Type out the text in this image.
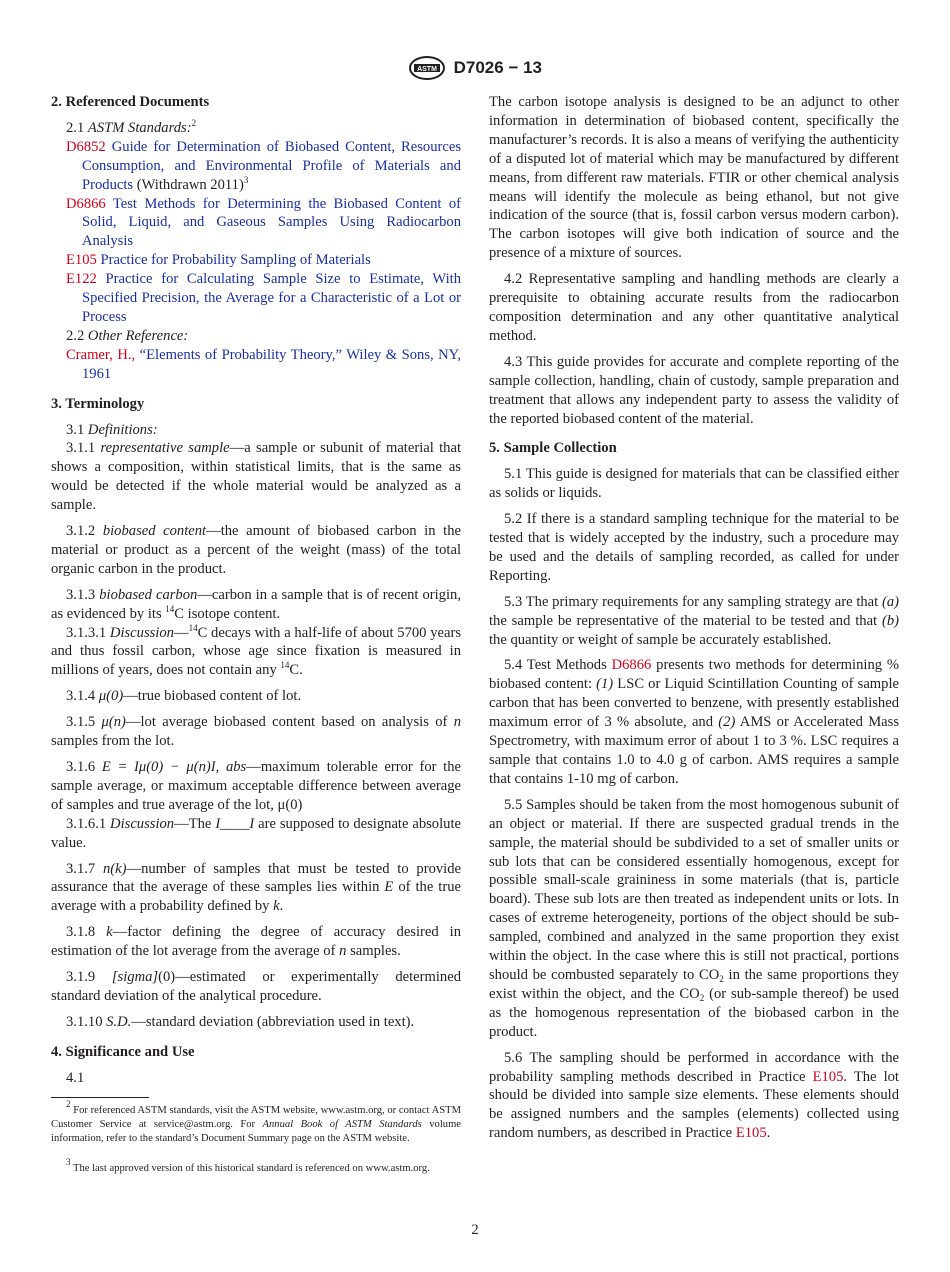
ASTM D7026 − 13
2. Referenced Documents

2.1 ASTM Standards:$^2$

D6852 Guide for Determination of Biobased Content, Resources Consumption, and Environmental Profile of Materials and Products (Withdrawn 2011)$^3$

D6866 Test Methods for Determining the Biobased Content of Solid, Liquid, and Gaseous Samples Using Radiocarbon Analysis

E105 Practice for Probability Sampling of Materials

E122 Practice for Calculating Sample Size to Estimate, With Specified Precision, the Average for a Characteristic of a Lot or Process

2.2 Other Reference:

Cramer, H., “Elements of Probability Theory,” Wiley & Sons, NY, 1961

3. Terminology

3.1 Definitions:

3.1.1 representative sample—a sample or subunit of material that shows a composition, within statistical limits, that is the same as would be detected if the whole material would be analyzed as a sample.

3.1.2 biobased content—the amount of biobased carbon in the material or product as a percent of the weight (mass) of the total organic carbon in the product.

3.1.3 biobased carbon—carbon in a sample that is of recent origin, as evidenced by its $^{14}$C isotope content.

3.1.3.1 Discussion—$^{14}$C decays with a half-life of about 5700 years and thus fossil carbon, whose age since fixation is measured in millions of years, does not contain any $^{14}$C.

3.1.4 μ(0)—true biobased content of lot.

3.1.5 μ(n)—lot average biobased content based on analysis of n samples from the lot.

3.1.6 E = Iμ(0) − μ(n)I, abs—maximum tolerable error for the sample average, or maximum acceptable difference between average of samples and true average of the lot, μ(0)

3.1.6.1 Discussion—The I____I are supposed to designate absolute value.

3.1.7 n(k)—number of samples that must be tested to provide assurance that the average of these samples lies within E of the true average with a probability defined by k.

3.1.8 k—factor defining the degree of accuracy desired in estimation of the lot average from the average of n samples.

3.1.9 [sigma](0)—estimated or experimentally determined standard deviation of the analytical procedure.

3.1.10 S.D.—standard deviation (abbreviation used in text).

4. Significance and Use

4.1

The carbon isotope analysis is designed to be an adjunct to other information in determination of biobased content, specifically the manufacturer’s records. It is also a means of verifying the authenticity of a disputed lot of material which may be manufactured by different means, from different raw materials. FTIR or other chemical analysis means will identify the molecule as being ethanol, but not give indication of the source (that is, fossil carbon versus modern carbon). The carbon isotopes will give both indication of source and the presence of a mixture of sources.

4.2 Representative sampling and handling methods are clearly a prerequisite to obtaining accurate results from the radiocarbon composition determination and any other quantitative analytical method.

4.3 This guide provides for accurate and complete reporting of the sample collection, handling, chain of custody, sample preparation and treatment that allows any independent party to assess the validity of the reported biobased content of the material.

5. Sample Collection

5.1 This guide is designed for materials that can be classified either as solids or liquids.

5.2 If there is a standard sampling technique for the material to be tested that is widely accepted by the industry, such a procedure may be used and the details of sampling recorded, as called for under Reporting.

5.3 The primary requirements for any sampling strategy are that (a) the sample be representative of the material to be tested and that (b) the quantity or weight of sample be accurately established.

5.4 Test Methods D6866 presents two methods for determining % biobased content: (1) LSC or Liquid Scintillation Counting of sample carbon that has been converted to benzene, with presently established maximum error of 3 % absolute, and (2) AMS or Accelerated Mass Spectrometry, with maximum error of about 1 to 3 %. LSC requires a sample that contains 1.0 to 4.0 g of carbon. AMS requires a sample that contains 1-10 mg of carbon.

5.5 Samples should be taken from the most homogenous subunit of an object or material. If there are suspected gradual trends in the sample, the material should be subdivided to a set of smaller units or sub lots that can be considered essentially homogenous, except for possible small-scale graininess in some materials (that is, particle board). These sub lots are then treated as independent units or lots. In cases of extreme heterogeneity, portions of the object should be sub-sampled, combined and analyzed in the same proportion they exist within the object. In the case where this is still not practical, portions should be combusted separately to $CO_2$ in the same proportions they exist within the object, and the $CO_2$ (or sub-sample thereof) be used as the homogenous representation of the biobased carbon in the product.

5.6 The sampling should be performed in accordance with the probability sampling methods described in Practice E105. The lot should be divided into sample size elements. These elements should be assigned numbers and the samples (elements) collected using random numbers, as described in Practice E105.

$^2$ For referenced ASTM standards, visit the ASTM website, www.astm.org, or contact ASTM Customer Service at service@astm.org. For Annual Book of ASTM Standards volume information, refer to the standard’s Document Summary page on the ASTM website.

$^3$ The last approved version of this historical standard is referenced on www.astm.org.

2
